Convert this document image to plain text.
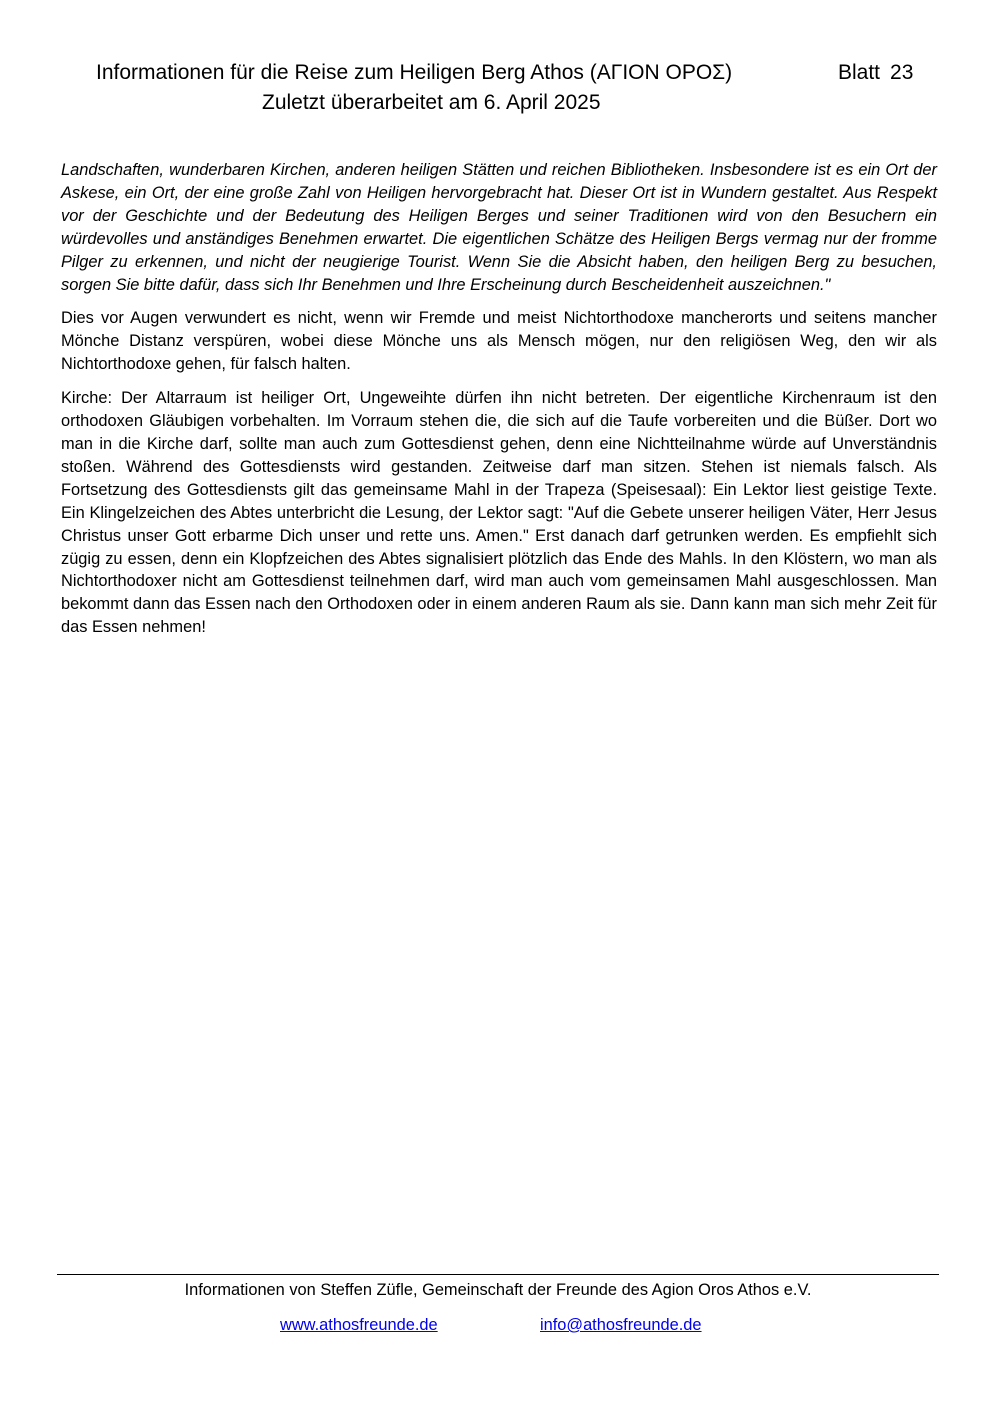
Informationen für die Reise zum Heiligen Berg Athos (ΑΓΙΟΝ ΟΡΟΣ)	Blatt 23
Zuletzt überarbeitet am 6. April 2025

Landschaften, wunderbaren Kirchen, anderen heiligen Stätten und reichen Bibliotheken. Insbesondere ist es ein Ort der Askese, ein Ort, der eine große Zahl von Heiligen hervorgebracht hat. Dieser Ort ist in Wundern gestaltet. Aus Respekt vor der Geschichte und der Bedeutung des Heiligen Berges und seiner Traditionen wird von den Besuchern ein würdevolles und anständiges Benehmen erwartet. Die eigentlichen Schätze des Heiligen Bergs vermag nur der fromme Pilger zu erkennen, und nicht der neugierige Tourist. Wenn Sie die Absicht haben, den heiligen Berg zu besuchen, sorgen Sie bitte dafür, dass sich Ihr Benehmen und Ihre Erscheinung durch Bescheidenheit auszeichnen."

Dies vor Augen verwundert es nicht, wenn wir Fremde und meist Nichtorthodoxe mancherorts und seitens mancher Mönche Distanz verspüren, wobei diese Mönche uns als Mensch mögen, nur den religiösen Weg, den wir als Nichtorthodoxe gehen, für falsch halten.

Kirche: Der Altarraum ist heiliger Ort, Ungeweihte dürfen ihn nicht betreten. Der eigentliche Kirchenraum ist den orthodoxen Gläubigen vorbehalten. Im Vorraum stehen die, die sich auf die Taufe vorbereiten und die Büßer. Dort wo man in die Kirche darf, sollte man auch zum Gottesdienst gehen, denn eine Nichtteilnahme würde auf Unverständnis stoßen. Während des Gottesdiensts wird gestanden. Zeitweise darf man sitzen. Stehen ist niemals falsch. Als Fortsetzung des Gottesdiensts gilt das gemeinsame Mahl in der Trapeza (Speisesaal): Ein Lektor liest geistige Texte. Ein Klingelzeichen des Abtes unterbricht die Lesung, der Lektor sagt: "Auf die Gebete unserer heiligen Väter, Herr Jesus Christus unser Gott erbarme Dich unser und rette uns. Amen." Erst danach darf getrunken werden. Es empfiehlt sich zügig zu essen, denn ein Klopfzeichen des Abtes signalisiert plötzlich das Ende des Mahls. In den Klöstern, wo man als Nichtorthodoxer nicht am Gottesdienst teilnehmen darf, wird man auch vom gemeinsamen Mahl ausgeschlossen. Man bekommt dann das Essen nach den Orthodoxen oder in einem anderen Raum als sie. Dann kann man sich mehr Zeit für das Essen nehmen!

Informationen von Steffen Züfle, Gemeinschaft der Freunde des Agion Oros Athos e.V.
www.athosfreunde.de	info@athosfreunde.de
